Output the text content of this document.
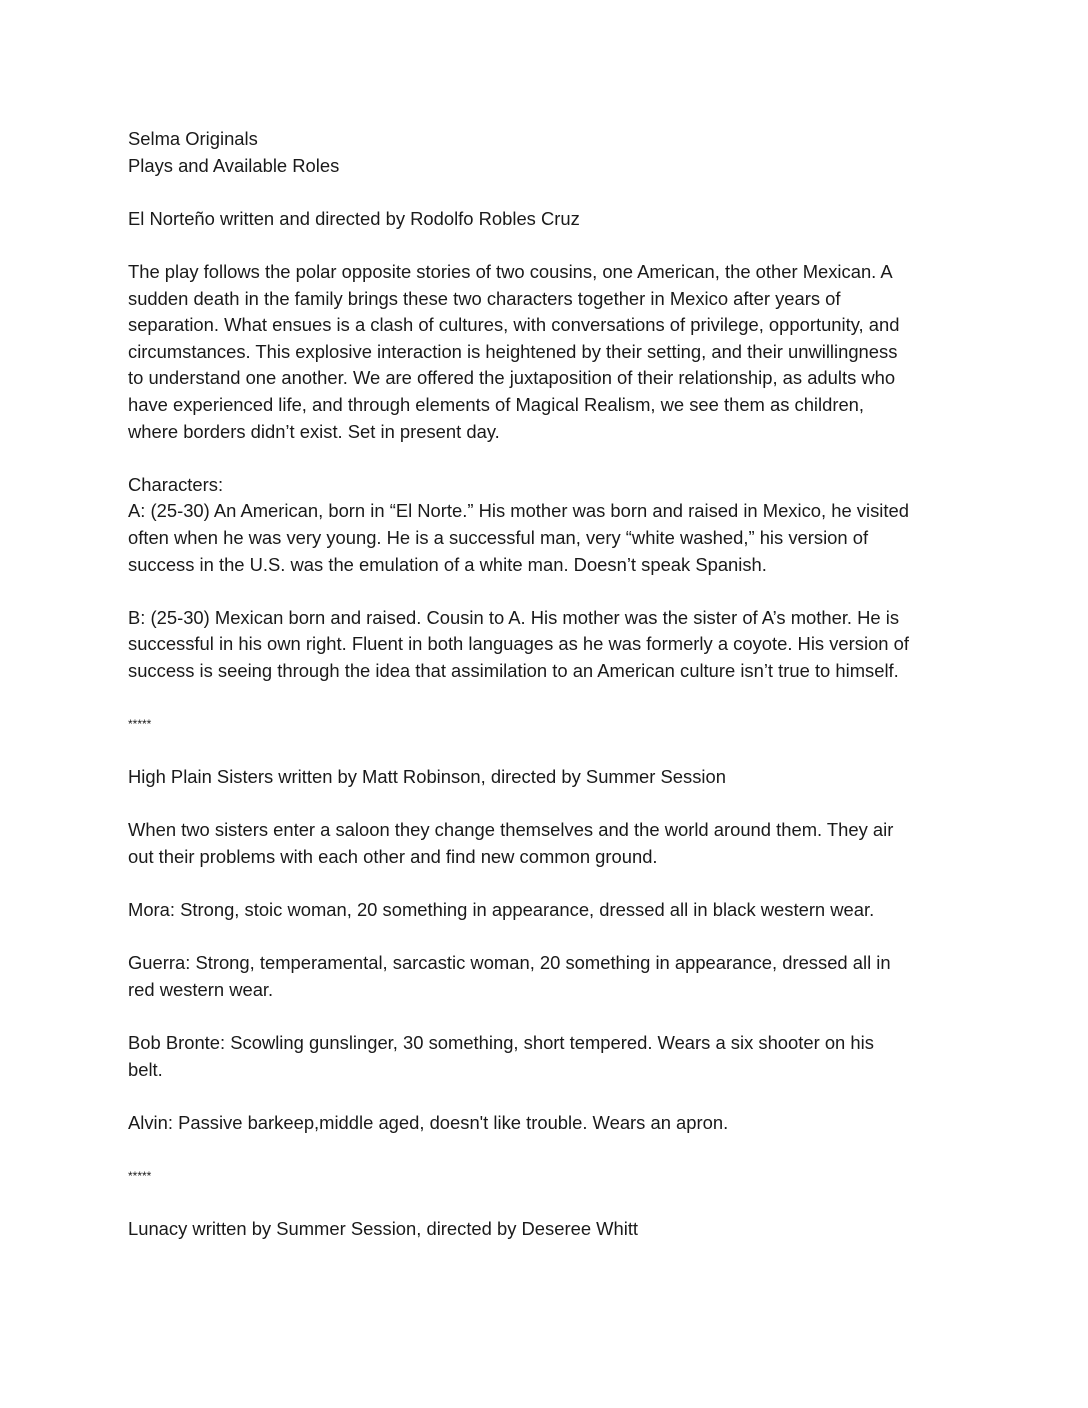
Selma Originals
Plays and Available Roles
El Norteño written and directed by Rodolfo Robles Cruz
The play follows the polar opposite stories of two cousins, one American, the other Mexican. A
sudden death in the family brings these two characters together in Mexico after years of
separation. What ensues is a clash of cultures, with conversations of privilege, opportunity, and
circumstances. This explosive interaction is heightened by their setting, and their unwillingness
to understand one another. We are offered the juxtaposition of their relationship, as adults who
have experienced life, and through elements of Magical Realism, we see them as children,
where borders didn’t exist. Set in present day.
Characters:
A: (25-30) An American, born in “El Norte.” His mother was born and raised in Mexico, he visited
often when he was very young. He is a successful man, very “white washed,” his version of
success in the U.S. was the emulation of a white man. Doesn’t speak Spanish.
B: (25-30) Mexican born and raised. Cousin to A. His mother was the sister of A’s mother. He is
successful in his own right. Fluent in both languages as he was formerly a coyote. His version of
success is seeing through the idea that assimilation to an American culture isn’t true to himself.
*****
High Plain Sisters written by Matt Robinson, directed by Summer Session
When two sisters enter a saloon they change themselves and the world around them. They air
out their problems with each other and find new common ground.
Mora: Strong, stoic woman, 20 something in appearance, dressed all in black western wear.
Guerra: Strong, temperamental, sarcastic woman, 20 something in appearance, dressed all in
red western wear.
Bob Bronte: Scowling gunslinger, 30 something, short tempered. Wears a six shooter on his
belt.
Alvin: Passive barkeep,middle aged, doesn't like trouble. Wears an apron.
*****
Lunacy written by Summer Session, directed by Deseree Whitt
